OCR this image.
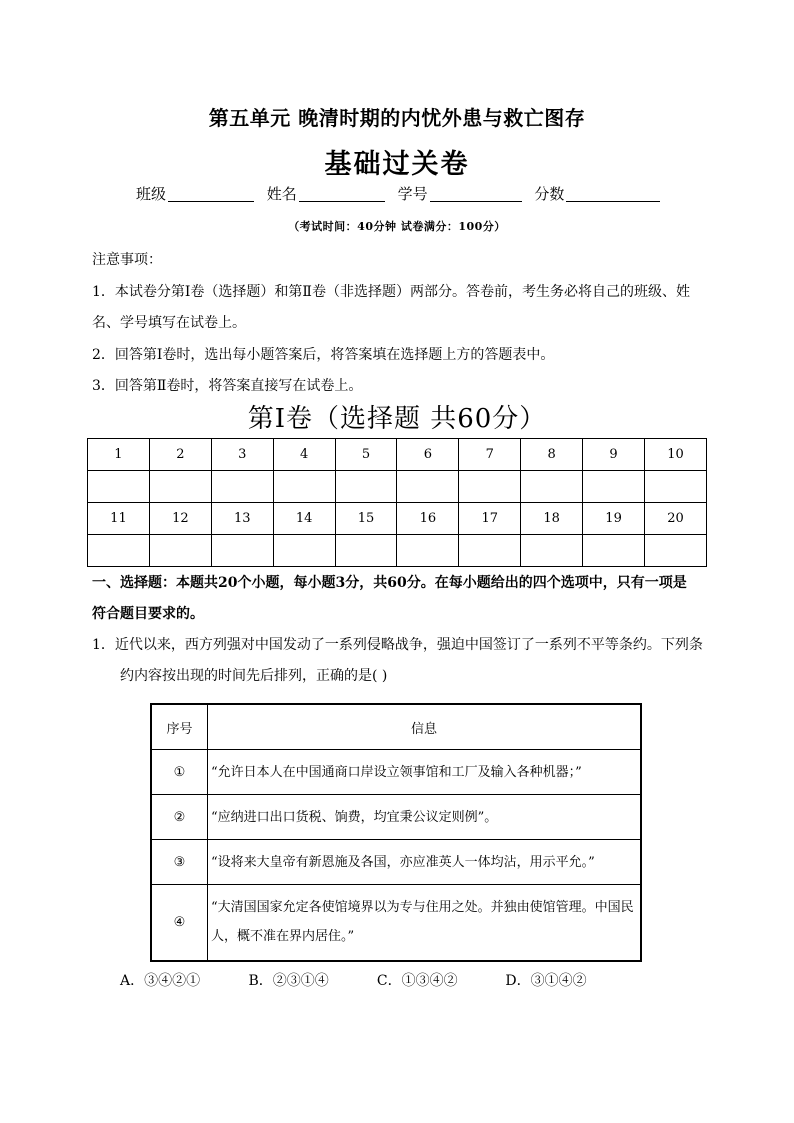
第五单元 晚清时期的内忧外患与救亡图存
基础过关卷
班级	姓名	学号	分数
（考试时间：40分钟 试卷满分：100分）

注意事项：

1．本试卷分第Ⅰ卷（选择题）和第Ⅱ卷（非选择题）两部分。答卷前，考生务必将自己的班级、姓

名、学号填写在试卷上。

2．回答第Ⅰ卷时，选出每小题答案后，将答案填在选择题上方的答题表中。

3．回答第Ⅱ卷时，将答案直接写在试卷上。

第Ⅰ卷（选择题 共60分）
1	2	3	4	5	6	7	8	9	10

11	12	13	14	15	16	17	18	19	20

一、选择题：本题共20个小题，每小题3分，共60分。在每小题给出的四个选项中，只有一项是
符合题目要求的。
1．近代以来，西方列强对中国发动了一系列侵略战争，强迫中国签订了一系列不平等条约。下列条
约内容按出现的时间先后排列，正确的是( )
序号	信息
①	“允许日本人在中国通商口岸设立领事馆和工厂及输入各种机器；”
②	“应纳进口出口货税、饷费，均宜秉公议定则例”。
③	“设将来大皇帝有新恩施及各国，亦应准英人一体均沾，用示平允。”
④	“大清国国家允定各使馆境界以为专与住用之处。并独由使馆管理。中国民人，概不准在界内居住。”
A．③④②①	B．②③①④	C．①③④②	D．③①④②
